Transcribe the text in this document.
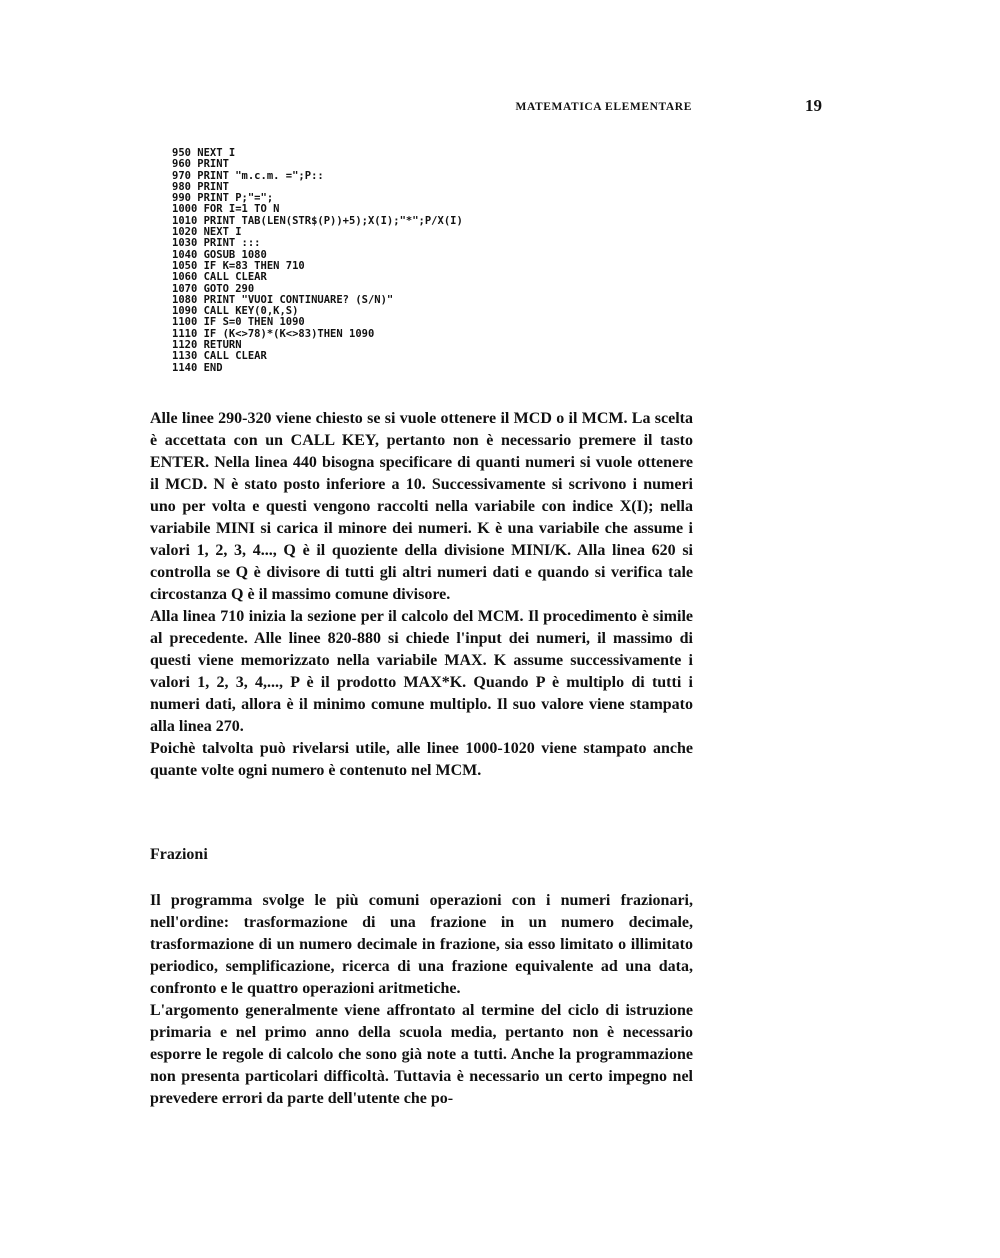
MATEMATICA ELEMENTARE	19
950 NEXT I
960 PRINT
970 PRINT "m.c.m. =";P::
980 PRINT
990 PRINT P;"=";
1000 FOR I=1 TO N
1010 PRINT TAB(LEN(STR$(P))+5);X(I);"*";P/X(I)
1020 NEXT I
1030 PRINT :::
1040 GOSUB 1080
1050 IF K=83 THEN 710
1060 CALL CLEAR
1070 GOTO 290
1080 PRINT "VUOI CONTINUARE? (S/N)"
1090 CALL KEY(0,K,S)
1100 IF S=0 THEN 1090
1110 IF (K<>78)*(K<>83)THEN 1090
1120 RETURN
1130 CALL CLEAR
1140 END

Alle linee 290-320 viene chiesto se si vuole ottenere il MCD o il MCM. La scelta è accettata con un CALL KEY, pertanto non è necessario premere il tasto ENTER. Nella linea 440 bisogna specificare di quanti numeri si vuole ottenere il MCD. N è stato posto inferiore a 10. Successivamente si scrivono i numeri uno per volta e questi vengono raccolti nella variabile con indice X(I); nella variabile MINI si carica il minore dei numeri. K è una variabile che assume i valori 1, 2, 3, 4..., Q è il quoziente della divisione MINI/K. Alla linea 620 si controlla se Q è divisore di tutti gli altri numeri dati e quando si verifica tale circostanza Q è il massimo comune divisore.

Alla linea 710 inizia la sezione per il calcolo del MCM. Il procedimento è simile al precedente. Alle linee 820-880 si chiede l'input dei numeri, il massimo di questi viene memorizzato nella variabile MAX. K assume successivamente i valori 1, 2, 3, 4,..., P è il prodotto MAX*K. Quando P è multiplo di tutti i numeri dati, allora è il minimo comune multiplo. Il suo valore viene stampato alla linea 270.

Poichè talvolta può rivelarsi utile, alle linee 1000-1020 viene stampato anche quante volte ogni numero è contenuto nel MCM.

Frazioni

Il programma svolge le più comuni operazioni con i numeri frazionari, nell'ordine: trasformazione di una frazione in un numero decimale, trasformazione di un numero decimale in frazione, sia esso limitato o illimitato periodico, semplificazione, ricerca di una frazione equivalente ad una data, confronto e le quattro operazioni aritmetiche.

L'argomento generalmente viene affrontato al termine del ciclo di istruzione primaria e nel primo anno della scuola media, pertanto non è necessario esporre le regole di calcolo che sono già note a tutti. Anche la programmazione non presenta particolari difficoltà. Tuttavia è necessario un certo impegno nel prevedere errori da parte dell'utente che po-
